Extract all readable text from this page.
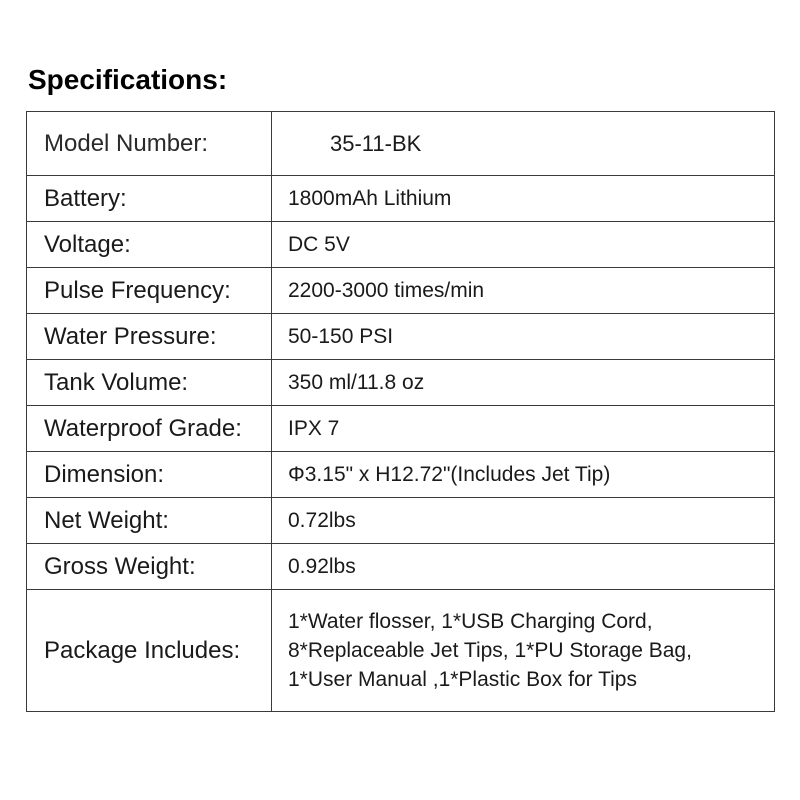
Specifications:
Model Number:	35-11-BK
Battery:	1800mAh Lithium
Voltage:	DC 5V
Pulse Frequency:	2200-3000 times/min
Water Pressure:	50-150 PSI
Tank Volume:	350 ml/11.8 oz
Waterproof Grade:	IPX 7
Dimension:	Φ3.15" x H12.72"(Includes Jet Tip)
Net Weight:	0.72lbs
Gross Weight:	0.92lbs
Package Includes:	1*Water flosser, 1*USB Charging Cord,
8*Replaceable Jet Tips, 1*PU Storage Bag,
1*User Manual ,1*Plastic Box for Tips
